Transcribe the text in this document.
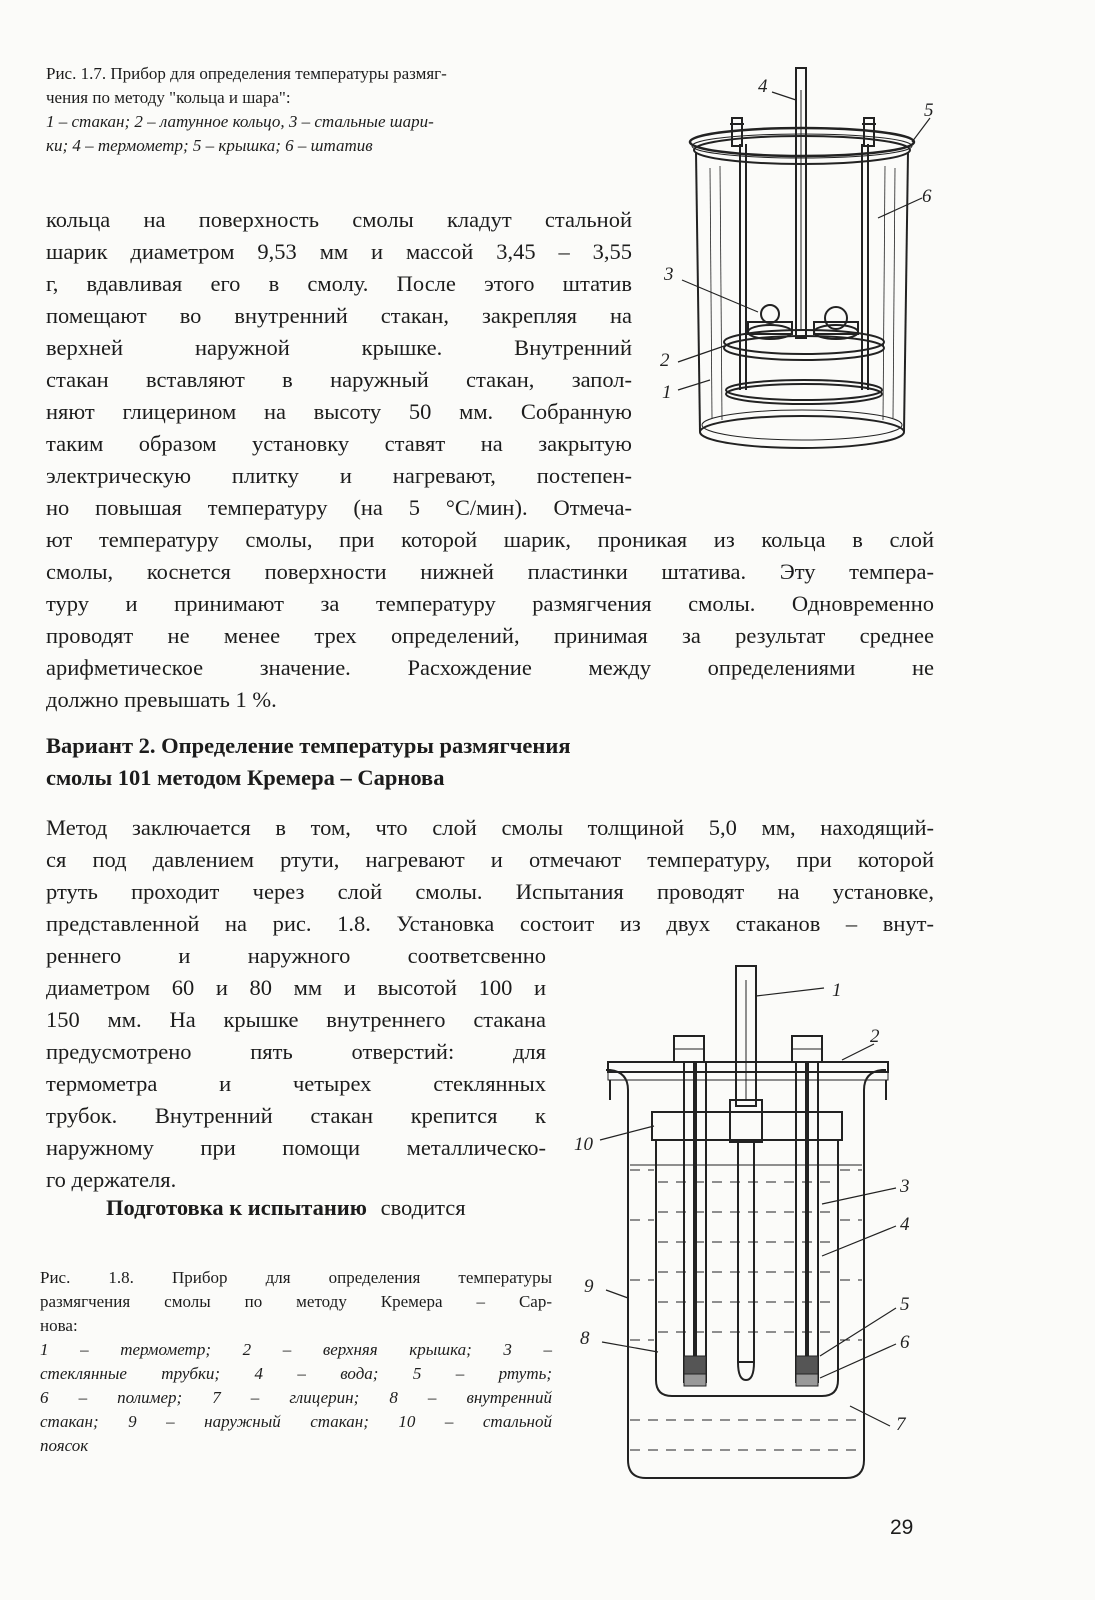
Рис. 1.7. Прибор для определения температуры размяг-
чения по методу "кольца и шара":
1 – стакан; 2 – латунное кольцо, 3 – стальные шари-
ки; 4 – термометр; 5 – крышка; 6 – штатив
4
5
6
3
2
1
кольца на поверхность смолы кладут стальной
шарик диаметром 9,53 мм и массой 3,45 – 3,55
г, вдавливая его в смолу. После этого штатив
помещают во внутренний стакан, закрепляя на
верхней наружной крышке. Внутренний
стакан вставляют в наружный стакан, запол-
няют глицерином на высоту 50 мм. Собранную
таким образом установку ставят на закрытую
электрическую плитку и нагревают, постепен-
но повышая температуру (на 5 °С/мин). Отмеча-
ют температуру смолы, при которой шарик, проникая из кольца в слой
смолы, коснется поверхности нижней пластинки штатива. Эту темпера-
туру и принимают за температуру размягчения смолы. Одновременно
проводят не менее трех определений, принимая за результат среднее
арифметическое значение. Расхождение между определениями не
должно превышать 1 %.
Вариант 2. Определение температуры размягчения
смолы 101 методом Кремера – Сарнова
Метод заключается в том, что слой смолы толщиной 5,0 мм, находящий-
ся под давлением ртути, нагревают и отмечают температуру, при которой
ртуть проходит через слой смолы. Испытания проводят на установке,
представленной на рис. 1.8. Установка состоит из двух стаканов – внут-
реннего и наружного соответсвенно
диаметром 60 и 80 мм и высотой 100 и
150 мм. На крышке внутреннего стакана
предусмотрено пять отверстий: для
термометра и четырех стеклянных
трубок. Внутренний стакан крепится к
наружному при помощи металлическо-
го держателя.
Подготовка к испытанию сводится
Рис. 1.8. Прибор для определения температуры
размягчения смолы по методу Кремера – Сар-
нова:
1 – термометр; 2 – верхняя крышка; 3 –
стеклянные трубки; 4 – вода; 5 – ртуть;
6 – полимер; 7 – глицерин; 8 – внутренний
стакан; 9 – наружный стакан; 10 – стальной
поясок
1
2
10
3
4
9
5
8	6
7
29
